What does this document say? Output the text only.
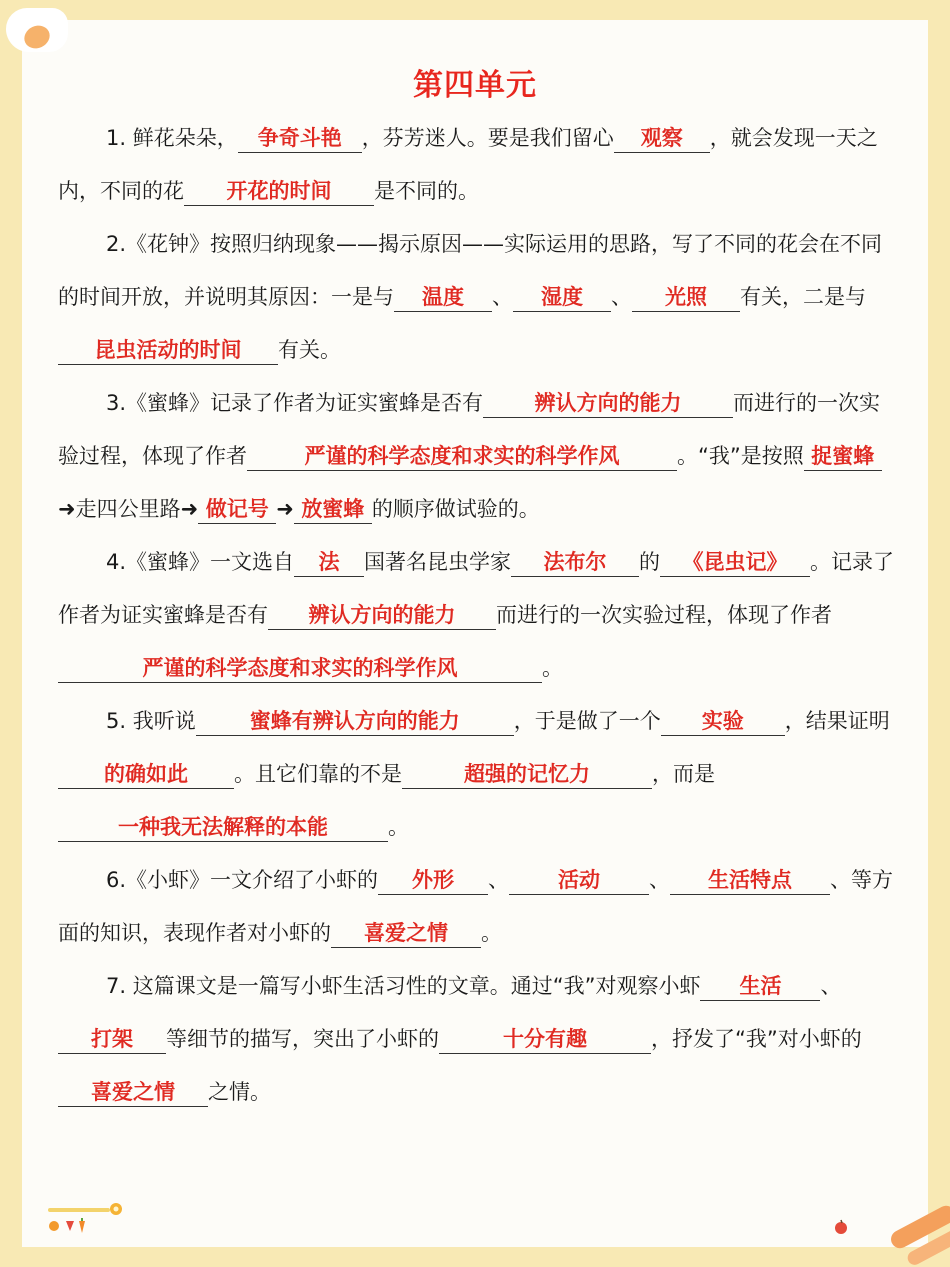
第四单元
1. 鲜花朵朵， 争奇斗艳 ，芬芳迷人。要是我们留心 观察 ，就会发现一天之内，不同的花 开花的时间 是不同的。
2.《花钟》按照归纳现象——揭示原因——实际运用的思路，写了不同的花会在不同的时间开放，并说明其原因：一是与 温度 、 湿度 、 光照 有关，二是与昆虫活动的时间 有关。
3.《蜜蜂》记录了作者为证实蜜蜂是否有 辨认方向的能力 而进行的一次实验过程，体现了作者	严谨的科学态度和求实的科学作风	。“我”是按照 捉蜜蜂➜走四公里路➜ 做记号 ➜ 放蜜蜂 的顺序做试验的。
4.《蜜蜂》一文选自 法 国著名昆虫学家 法布尔 的 《昆虫记》 。记录了作者为证实蜜蜂是否有 辨认方向的能力 而进行的一次实验过程，体现了作者严谨的科学态度和求实的科学作风	。
5. 我听说	蜜蜂有辨认方向的能力	，于是做了一个 实验 ，结果证明的确如此 。且它们靠的不是	超强的记忆力	，而是一种我无法解释的本能	。
6.《小虾》一文介绍了小虾的 外形 、 活动 、 生活特点 、等方面的知识，表现作者对小虾的 喜爱之情 。
7. 这篇课文是一篇写小虾生活习性的文章。通过“我”对观察小虾 生活 、打架 等细节的描写，突出了小虾的	十分有趣	，抒发了“我”对小虾的喜爱之情 之情。
